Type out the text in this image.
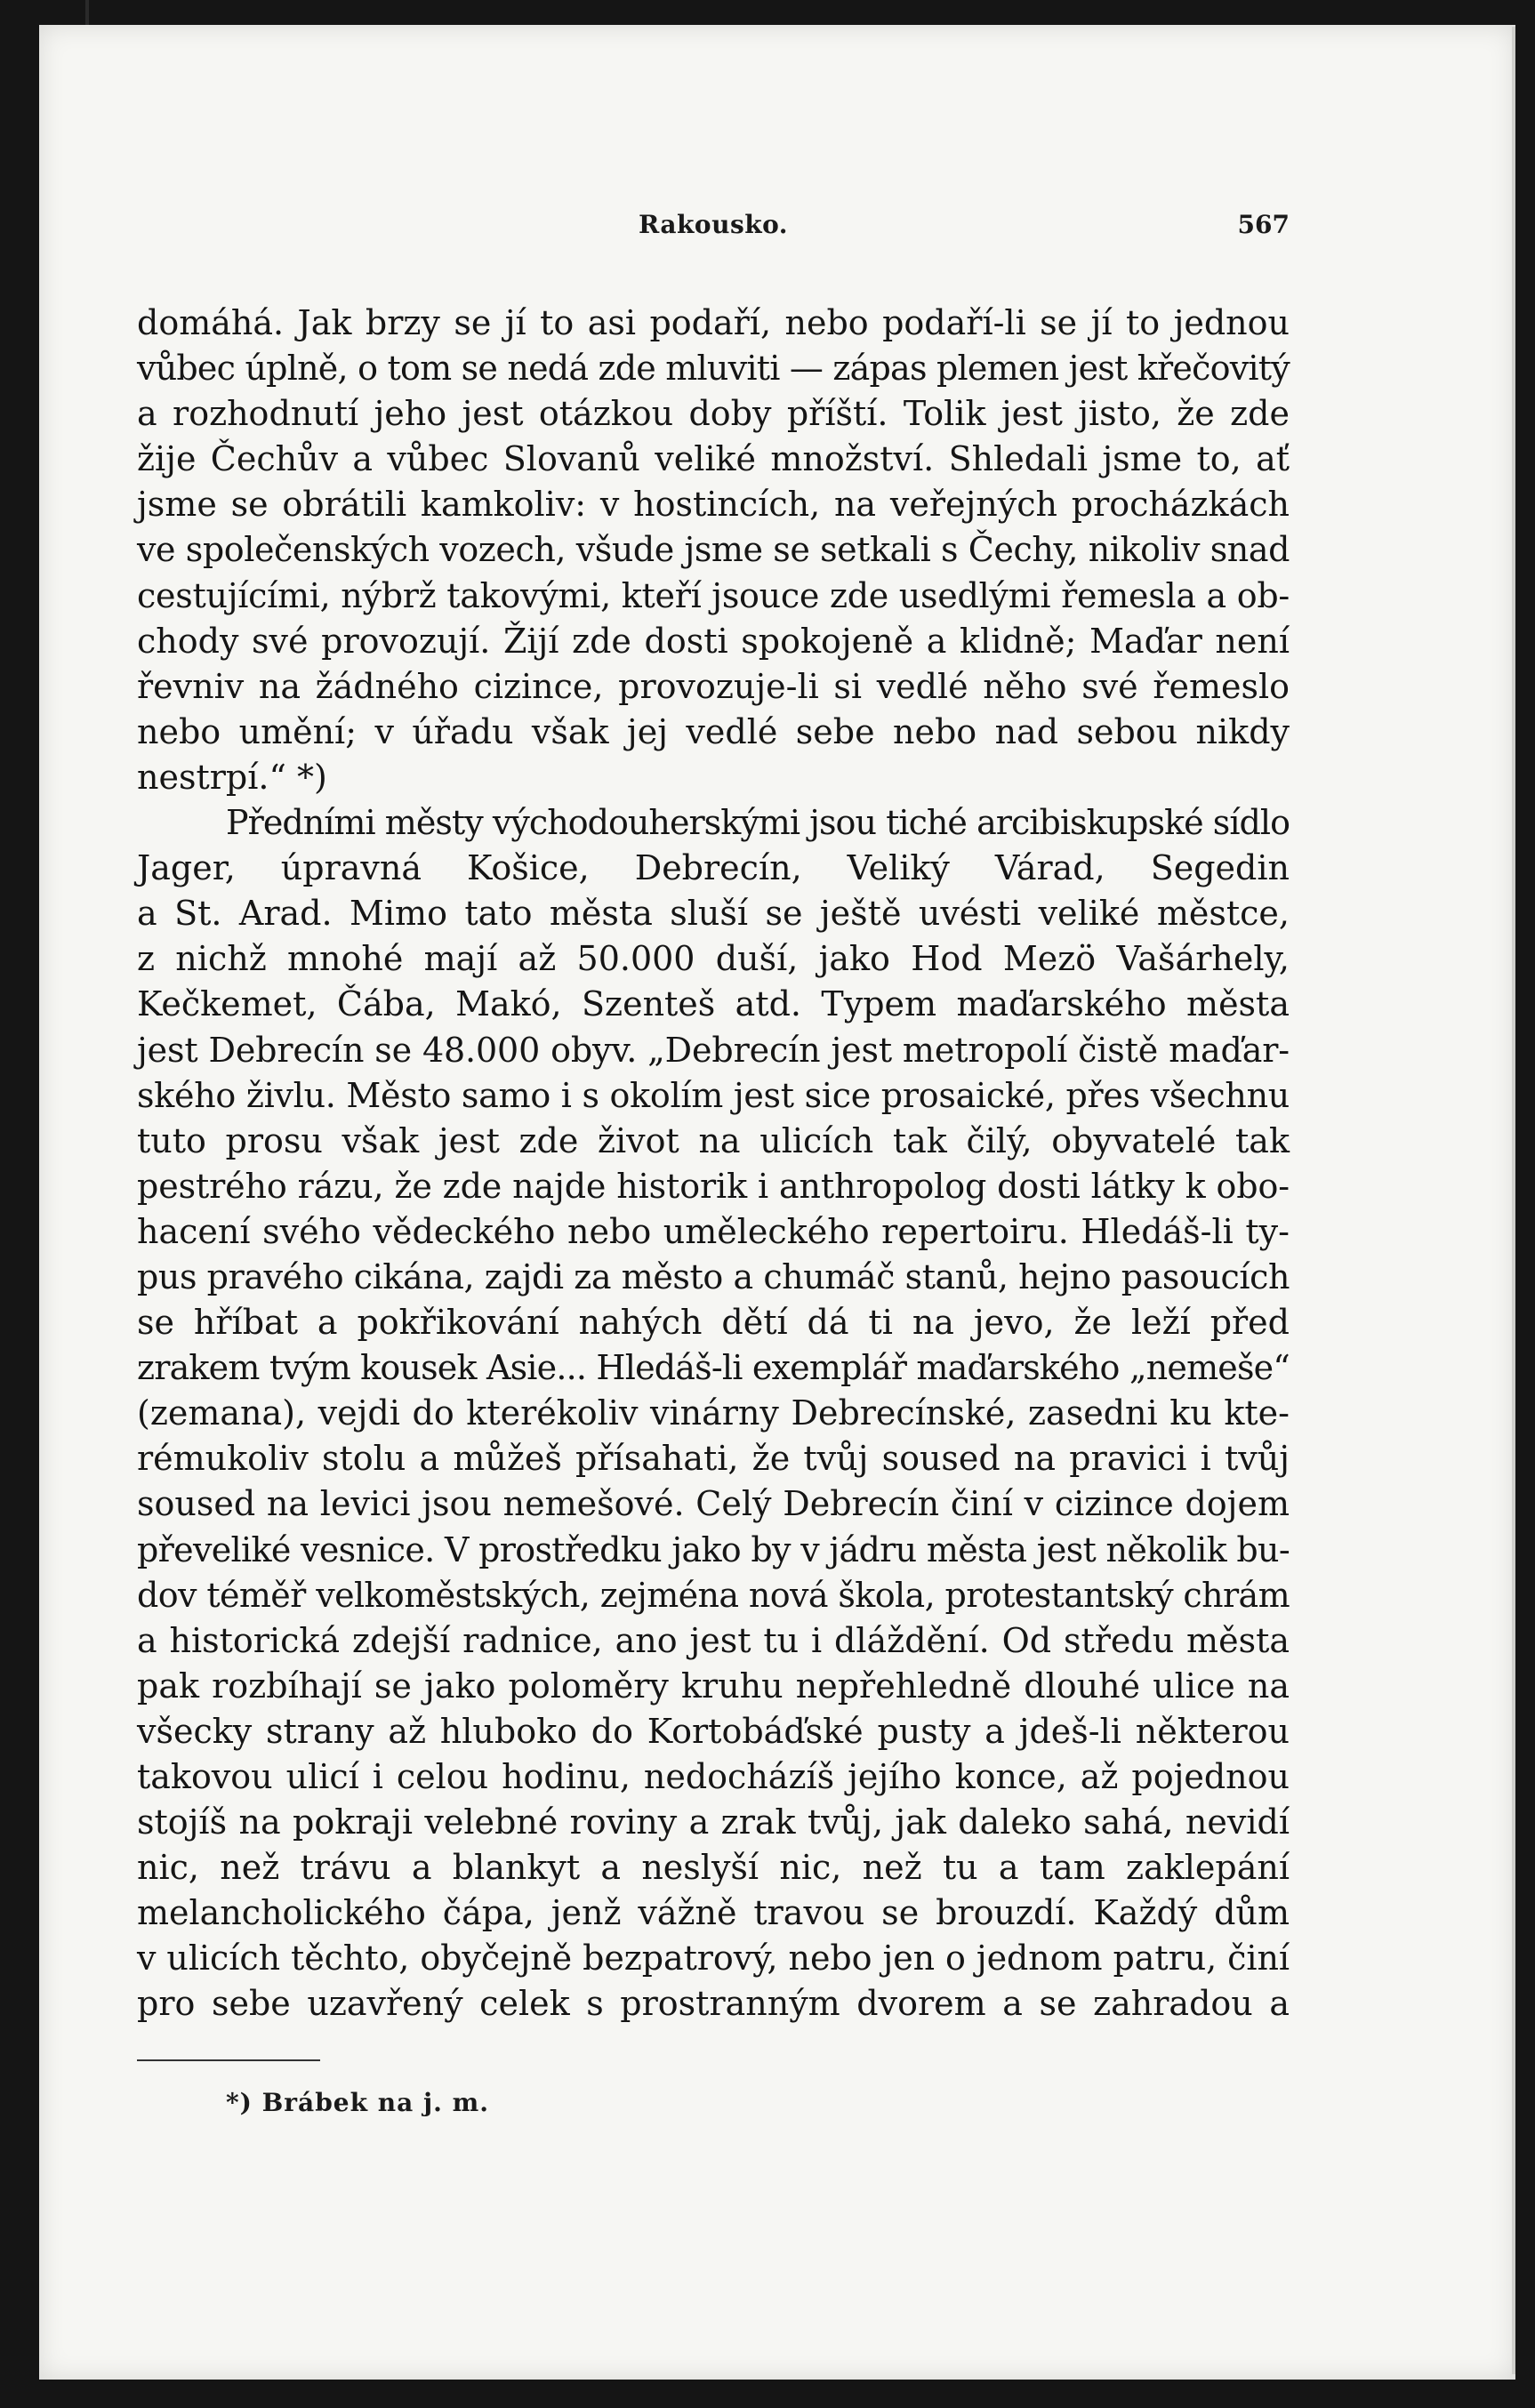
Rakousko.	567
domáhá. Jak brzy se jí to asi podaří, nebo podaří-li se jí to jednou
vůbec úplně, o tom se nedá zde mluviti — zápas plemen jest křečovitý
a rozhodnutí jeho jest otázkou doby příští. Tolik jest jisto, že zde
žije Čechův a vůbec Slovanů veliké množství. Shledali jsme to, ať
jsme se obrátili kamkoliv: v hostincích, na veřejných procházkách
ve společenských vozech, všude jsme se setkali s Čechy, nikoliv snad
cestujícími, nýbrž takovými, kteří jsouce zde usedlými řemesla a ob-
chody své provozují. Žijí zde dosti spokojeně a klidně; Maďar není
řevniv na žádného cizince, provozuje-li si vedlé něho své řemeslo
nebo umění; v úřadu však jej vedlé sebe nebo nad sebou nikdy
nestrpí.“ *)
Předními městy východouherskými jsou tiché arcibiskupské sídlo
Jager, úpravná Košice, Debrecín, Veliký Várad, Segedin
a St. Arad. Mimo tato města sluší se ještě uvésti veliké městce,
z nichž mnohé mají až 50.000 duší, jako Hod Mezö Vašárhely,
Kečkemet, Čába, Makó, Szenteš atd. Typem maďarského města
jest Debrecín se 48.000 obyv. „Debrecín jest metropolí čistě maďar-
ského živlu. Město samo i s okolím jest sice prosaické, přes všechnu
tuto prosu však jest zde život na ulicích tak čilý, obyvatelé tak
pestrého rázu, že zde najde historik i anthropolog dosti látky k obo-
hacení svého vědeckého nebo uměleckého repertoiru. Hledáš-li ty-
pus pravého cikána, zajdi za město a chumáč stanů, hejno pasoucích
se hříbat a pokřikování nahých dětí dá ti na jevo, že leží před
zrakem tvým kousek Asie... Hledáš-li exemplář maďarského „nemeše“
(zemana), vejdi do kterékoliv vinárny Debrecínské, zasedni ku kte-
rémukoliv stolu a můžeš přísahati, že tvůj soused na pravici i tvůj
soused na levici jsou nemešové. Celý Debrecín činí v cizince dojem
převeliké vesnice. V prostředku jako by v jádru města jest několik bu-
dov téměř velkoměstských, zejména nová škola, protestantský chrám
a historická zdejší radnice, ano jest tu i dláždění. Od středu města
pak rozbíhají se jako poloměry kruhu nepřehledně dlouhé ulice na
všecky strany až hluboko do Kortobáďské pusty a jdeš-li některou
takovou ulicí i celou hodinu, nedocházíš jejího konce, až pojednou
stojíš na pokraji velebné roviny a zrak tvůj, jak daleko sahá, nevidí
nic, než trávu a blankyt a neslyší nic, než tu a tam zaklepání
melancholického čápa, jenž vážně travou se brouzdí. Každý dům
v ulicích těchto, obyčejně bezpatrový, nebo jen o jednom patru, činí
pro sebe uzavřený celek s prostranným dvorem a se zahradou a
*) Brábek na j. m.
